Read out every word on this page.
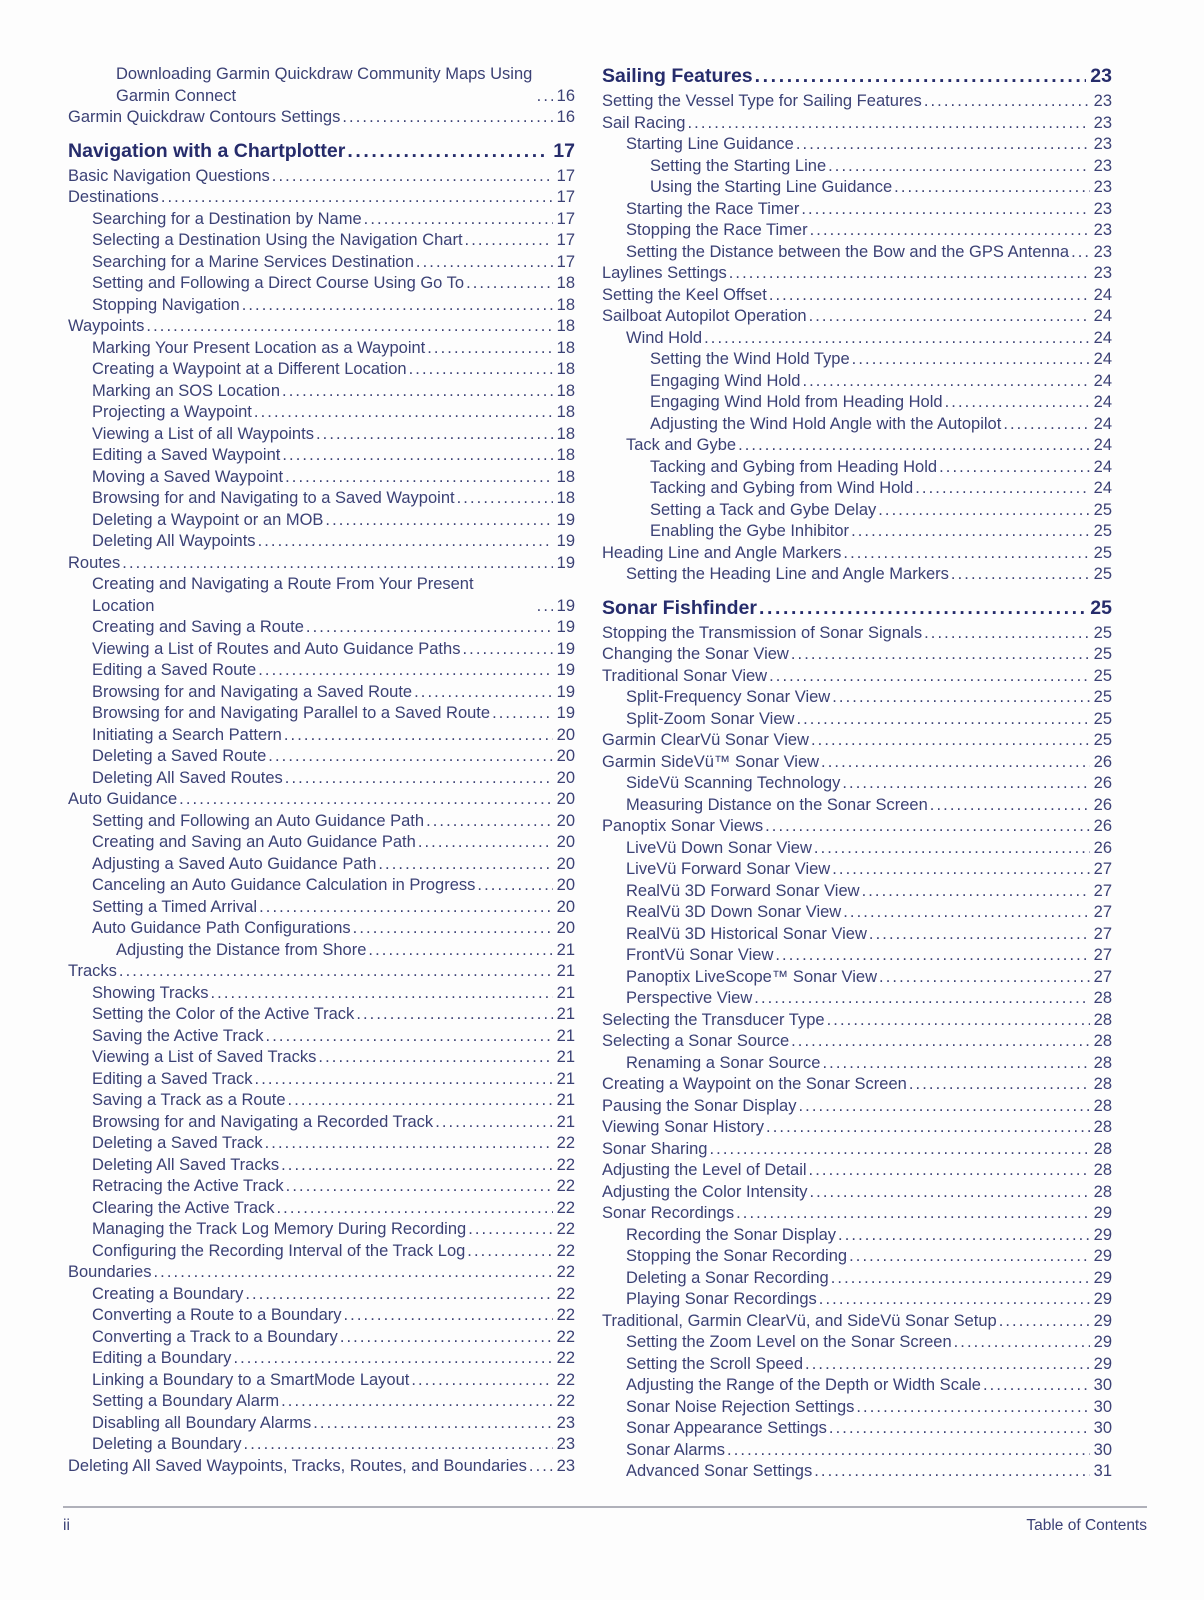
Downloading Garmin Quickdraw Community Maps Using Garmin Connect .....	16
Garmin Quickdraw Contours Settings .....	16
Navigation with a Chartplotter .....	17
Basic Navigation Questions .....	17
Destinations .....	17
Searching for a Destination by Name .....	17
Selecting a Destination Using the Navigation Chart .....	17
Searching for a Marine Services Destination .....	17
Setting and Following a Direct Course Using Go To .....	18
Stopping Navigation .....	18
Waypoints .....	18
Marking Your Present Location as a Waypoint .....	18
Creating a Waypoint at a Different Location .....	18
Marking an SOS Location .....	18
Projecting a Waypoint .....	18
Viewing a List of all Waypoints .....	18
Editing a Saved Waypoint .....	18
Moving a Saved Waypoint .....	18
Browsing for and Navigating to a Saved Waypoint .....	18
Deleting a Waypoint or an MOB .....	19
Deleting All Waypoints .....	19
Routes .....	19
Creating and Navigating a Route From Your Present Location .....	19
Creating and Saving a Route .....	19
Viewing a List of Routes and Auto Guidance Paths .....	19
Editing a Saved Route .....	19
Browsing for and Navigating a Saved Route .....	19
Browsing for and Navigating Parallel to a Saved Route .....	19
Initiating a Search Pattern .....	20
Deleting a Saved Route .....	20
Deleting All Saved Routes .....	20
Auto Guidance .....	20
Setting and Following an Auto Guidance Path .....	20
Creating and Saving an Auto Guidance Path .....	20
Adjusting a Saved Auto Guidance Path .....	20
Canceling an Auto Guidance Calculation in Progress .....	20
Setting a Timed Arrival .....	20
Auto Guidance Path Configurations .....	20
Adjusting the Distance from Shore .....	21
Tracks .....	21
Showing Tracks .....	21
Setting the Color of the Active Track .....	21
Saving the Active Track .....	21
Viewing a List of Saved Tracks .....	21
Editing a Saved Track .....	21
Saving a Track as a Route .....	21
Browsing for and Navigating a Recorded Track .....	21
Deleting a Saved Track .....	22
Deleting All Saved Tracks .....	22
Retracing the Active Track .....	22
Clearing the Active Track .....	22
Managing the Track Log Memory During Recording .....	22
Configuring the Recording Interval of the Track Log .....	22
Boundaries .....	22
Creating a Boundary .....	22
Converting a Route to a Boundary .....	22
Converting a Track to a Boundary .....	22
Editing a Boundary .....	22
Linking a Boundary to a SmartMode Layout .....	22
Setting a Boundary Alarm .....	22
Disabling all Boundary Alarms .....	23
Deleting a Boundary .....	23
Deleting All Saved Waypoints, Tracks, Routes, and Boundaries ..... 23
Sailing Features .....	23
Setting the Vessel Type for Sailing Features .....	23
Sail Racing .....	23
Starting Line Guidance .....	23
Setting the Starting Line .....	23
Using the Starting Line Guidance .....	23
Starting the Race Timer .....	23
Stopping the Race Timer .....	23
Setting the Distance between the Bow and the GPS Antenna ..... 23
Laylines Settings .....	23
Setting the Keel Offset .....	24
Sailboat Autopilot Operation .....	24
Wind Hold .....	24
Setting the Wind Hold Type .....	24
Engaging Wind Hold .....	24
Engaging Wind Hold from Heading Hold .....	24
Adjusting the Wind Hold Angle with the Autopilot .....	24
Tack and Gybe .....	24
Tacking and Gybing from Heading Hold .....	24
Tacking and Gybing from Wind Hold .....	24
Setting a Tack and Gybe Delay .....	25
Enabling the Gybe Inhibitor .....	25
Heading Line and Angle Markers .....	25
Setting the Heading Line and Angle Markers .....	25
Sonar Fishfinder .....	25
Stopping the Transmission of Sonar Signals .....	25
Changing the Sonar View .....	25
Traditional Sonar View .....	25
Split-Frequency Sonar View .....	25
Split-Zoom Sonar View .....	25
Garmin ClearVü Sonar View .....	25
Garmin SideVü™ Sonar View .....	26
SideVü Scanning Technology .....	26
Measuring Distance on the Sonar Screen .....	26
Panoptix Sonar Views .....	26
LiveVü Down Sonar View .....	26
LiveVü Forward Sonar View .....	27
RealVü 3D Forward Sonar View .....	27
RealVü 3D Down Sonar View .....	27
RealVü 3D Historical Sonar View .....	27
FrontVü Sonar View .....	27
Panoptix LiveScope™ Sonar View .....	27
Perspective View .....	28
Selecting the Transducer Type .....	28
Selecting a Sonar Source .....	28
Renaming a Sonar Source .....	28
Creating a Waypoint on the Sonar Screen .....	28
Pausing the Sonar Display .....	28
Viewing Sonar History .....	28
Sonar Sharing .....	28
Adjusting the Level of Detail .....	28
Adjusting the Color Intensity .....	28
Sonar Recordings .....	29
Recording the Sonar Display .....	29
Stopping the Sonar Recording .....	29
Deleting a Sonar Recording .....	29
Playing Sonar Recordings .....	29
Traditional, Garmin ClearVü, and SideVü Sonar Setup .....	29
Setting the Zoom Level on the Sonar Screen .....	29
Setting the Scroll Speed .....	29
Adjusting the Range of the Depth or Width Scale .....	30
Sonar Noise Rejection Settings .....	30
Sonar Appearance Settings .....	30
Sonar Alarms .....	30
Advanced Sonar Settings .....	31
ii	Table of Contents
